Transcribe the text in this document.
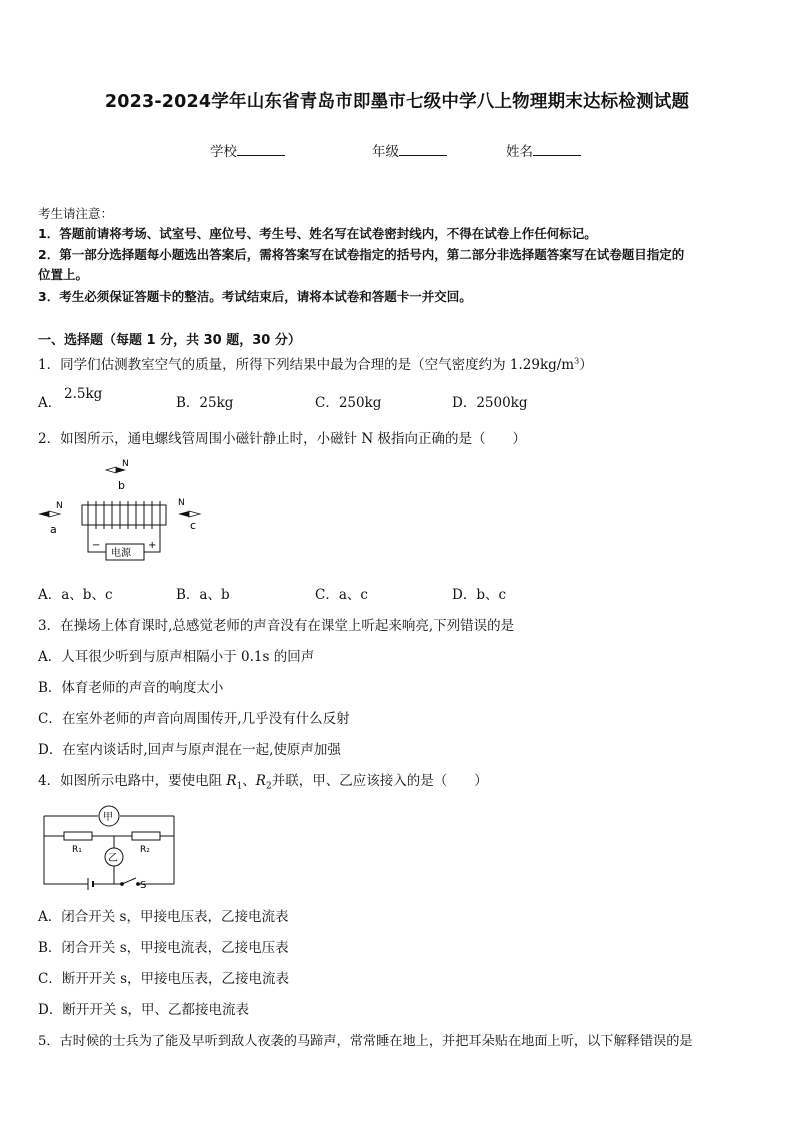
2023-2024学年山东省青岛市即墨市七级中学八上物理期末达标检测试题
学校	年级	姓名
考生请注意：
1．答题前请将考场、试室号、座位号、考生号、姓名写在试卷密封线内，不得在试卷上作任何标记。
2．第一部分选择题每小题选出答案后，需将答案写在试卷指定的括号内，第二部分非选择题答案写在试卷题目指定的
位置上。
3．考生必须保证答题卡的整洁。考试结束后，请将本试卷和答题卡一并交回。
一、选择题（每题 1 分，共 30 题，30 分）
1．同学们估测教室空气的质量，所得下列结果中最为合理的是（空气密度约为 $1.29kg/m^3$）
A．
2.5kg
B．25kg	C．250kg	D．2500kg
2．如图所示，通电螺线管周围小磁针静止时，小磁针 N 极指向正确的是（　　）
N
b
N
a
N
c
−	+
电源
A．a、b、c	B．a、b	C．a、c	D．b、c
3．在操场上体育课时,总感觉老师的声音没有在课堂上听起来响亮,下列错误的是
A．人耳很少听到与原声相隔小于 0.1s 的回声
B．体育老师的声音的响度太小
C．在室外老师的声音向周围传开,几乎没有什么反射
D．在室内谈话时,回声与原声混在一起,使原声加强
4．如图所示电路中，要使电阻 $R_1$、$R_2$并联，甲、乙应该接入的是（　　）
甲
乙
R₁	R₂
S
A．闭合开关 s，甲接电压表，乙接电流表
B．闭合开关 s，甲接电流表，乙接电压表
C．断开开关 s，甲接电压表，乙接电流表
D．断开开关 s，甲、乙都接电流表
5．古时候的士兵为了能及早听到敌人夜袭的马蹄声，常常睡在地上，并把耳朵贴在地面上听，以下解释错误的是
